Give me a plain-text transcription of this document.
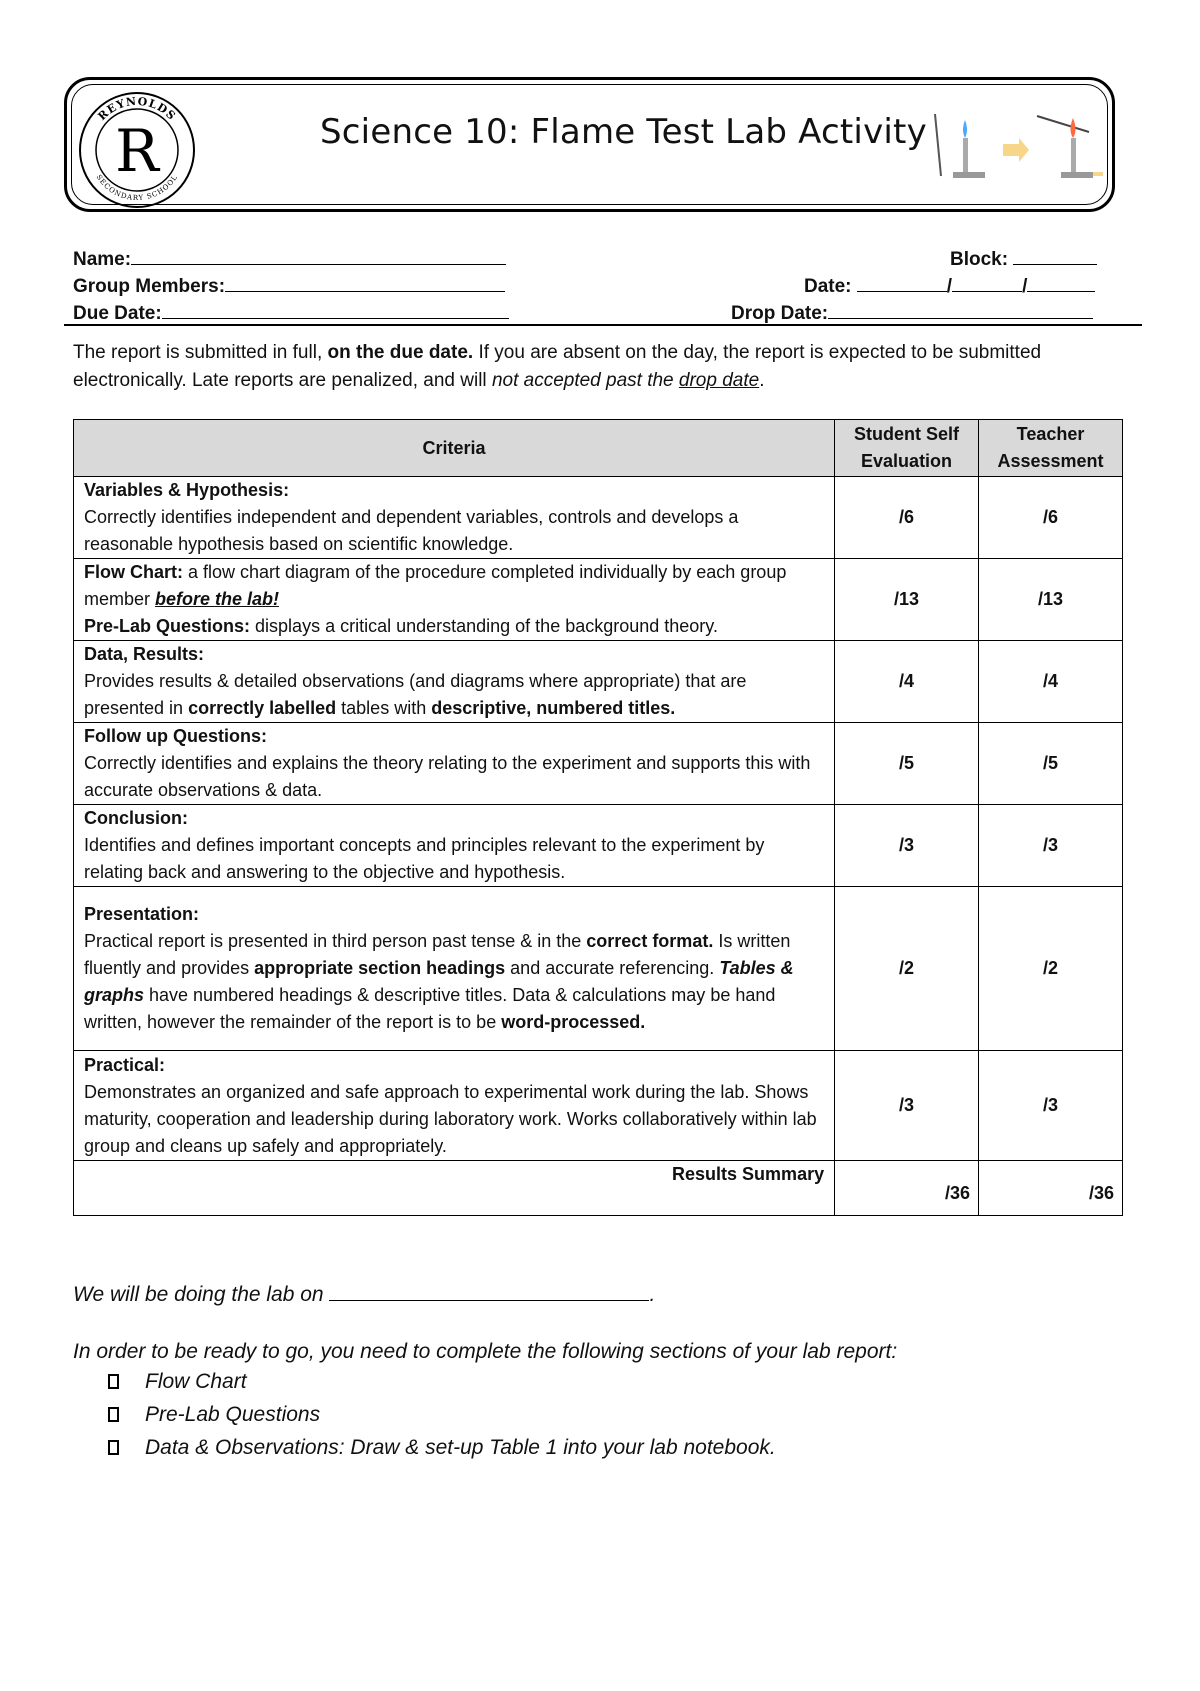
REYNOLDS
SECONDARY SCHOOL
R	Science 10: Flame Test Lab Activity
Name:
Group Members:
Due Date:
Block:
Date:	/	/
Drop Date:
The report is submitted in full, on the due date. If you are absent on the day, the report is expected to be submitted electronically. Late reports are penalized, and will not accepted past the drop date.
Criteria	Student Self Evaluation	Teacher Assessment
Variables & Hypothesis:
Correctly identifies independent and dependent variables, controls and develops a reasonable hypothesis based on scientific knowledge.	/6	/6
Flow Chart: a flow chart diagram of the procedure completed individually by each group member before the lab!
Pre-Lab Questions: displays a critical understanding of the background theory.	/13	/13
Data, Results:
Provides results & detailed observations (and diagrams where appropriate) that are presented in correctly labelled tables with descriptive, numbered titles.	/4	/4
Follow up Questions:
Correctly identifies and explains the theory relating to the experiment and supports this with accurate observations & data.	/5	/5
Conclusion:
Identifies and defines important concepts and principles relevant to the experiment by relating back and answering to the objective and hypothesis.	/3	/3
Presentation:
Practical report is presented in third person past tense & in the correct format. Is written fluently and provides appropriate section headings and accurate referencing. Tables & graphs have numbered headings & descriptive titles. Data & calculations may be hand written, however the remainder of the report is to be word-processed.	/2	/2
Practical:
Demonstrates an organized and safe approach to experimental work during the lab. Shows maturity, cooperation and leadership during laboratory work. Works collaboratively within lab group and cleans up safely and appropriately.	/3	/3
Results Summary	/36	/36
We will be doing the lab on	.
In order to be ready to go, you need to complete the following sections of your lab report:
Flow Chart
Pre-Lab Questions
Data & Observations: Draw & set-up Table 1 into your lab notebook.
